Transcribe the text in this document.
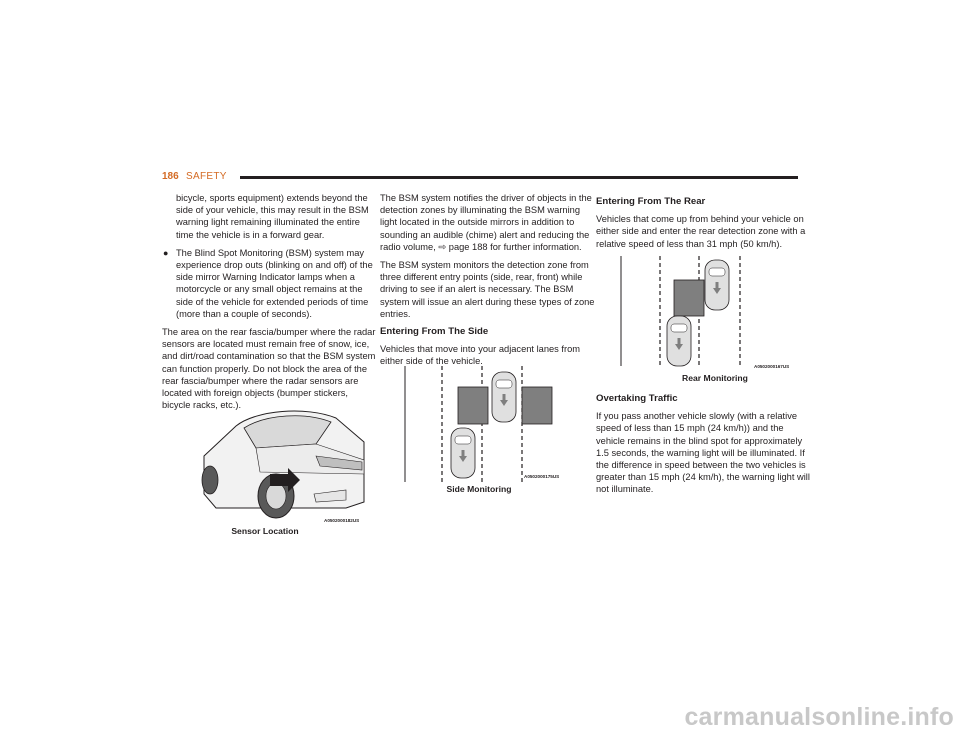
186 SAFETY

bicycle, sports equipment) extends beyond the side of your vehicle, this may result in the BSM warning light remaining illuminated the entire time the vehicle is in a forward gear.

● The Blind Spot Monitoring (BSM) system may experience drop outs (blinking on and off) of the side mirror Warning Indicator lamps when a motorcycle or any small object remains at the side of the vehicle for extended periods of time (more than a couple of seconds).

The area on the rear fascia/bumper where the radar sensors are located must remain free of snow, ice, and dirt/road contamination so that the BSM system can function properly. Do not block the area of the rear fascia/bumper where the radar sensors are located with foreign objects (bumper stickers, bicycle racks, etc.).

A0502000182US
Sensor Location

The BSM system notifies the driver of objects in the detection zones by illuminating the BSM warning light located in the outside mirrors in addition to sounding an audible (chime) alert and reducing the radio volume, ⇨ page 188 for further information.

The BSM system monitors the detection zone from three different entry points (side, rear, front) while driving to see if an alert is necessary. The BSM system will issue an alert during these types of zone entries.

Entering From The Side

Vehicles that move into your adjacent lanes from either side of the vehicle.

A0502000175US
Side Monitoring
Entering From The Rear

Vehicles that come up from behind your vehicle on either side and enter the rear detection zone with a relative speed of less than 31 mph (50 km/h).

A0502000167US
Rear Monitoring
Overtaking Traffic

If you pass another vehicle slowly (with a relative speed of less than 15 mph (24 km/h)) and the vehicle remains in the blind spot for approximately 1.5 seconds, the warning light will be illuminated. If the difference in speed between the two vehicles is greater than 15 mph (24 km/h), the warning light will not illuminate.

carmanualsonline.info
